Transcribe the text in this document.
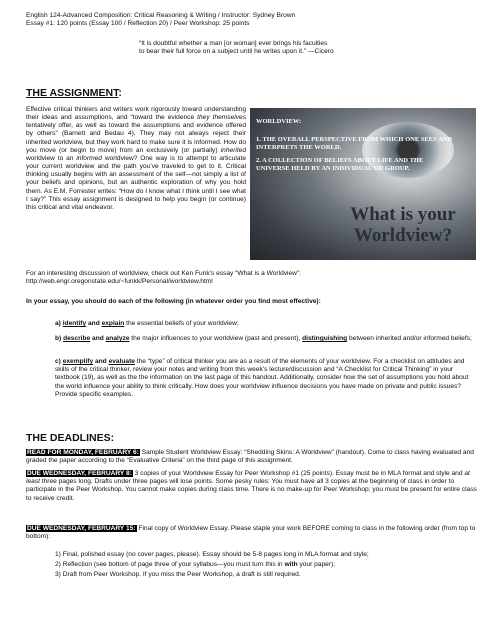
English 124-Advanced Composition: Critical Reasoning & Writing / Instructor: Sydney Brown
Essay #1: 120 points (Essay 100 / Reflection 20) / Peer Workshop: 25 points
“It is doubtful whether a man [or woman] ever brings his faculties
to bear their full force on a subject until he writes upon it.” —Cicero
THE ASSIGNMENT:
Effective critical thinkers and writers work rigorously toward understanding their ideas and assumptions, and “toward the evidence they themselves tentatively offer, as well as toward the assumptions and evidence offered by others” (Barnett and Bedau 4). They may not always reject their inherited worldview, but they work hard to make sure it is informed. How do you move (or begin to move) from an exclusively (or partially) inherited worldview to an informed worldview? One way is to attempt to articulate your current worldview and the path you’ve traveled to get to it. Critical thinking usually begins with an assessment of the self—not simply a list of your beliefs and opinions, but an authentic exploration of why you hold them. As E.M. Forrester writes: “How do I know what I think until I see what I say?” This essay assignment is designed to help you begin (or continue) this critical and vital endeavor.
WORLDVIEW:
1. THE OVERALL PERSPECTIVE FROM WHICH ONE SEES AND INTERPRETS THE WORLD.
2. A COLLECTION OF BELIEFS ABOUT LIFE AND THE UNIVERSE HELD BY AN INDIVIDUAL OR GROUP.
What is your Worldview?
For an interesting discussion of worldview, check out Ken Funk’s essay “What is a Worldview”:
http://web.engr.oregonstate.edu/~funkk/Personal/worldview.html
In your essay, you should do each of the following (in whatever order you find most effective):
a) identify and explain the essential beliefs of your worldview;
b) describe and analyze the major influences to your worldview (past and present), distinguishing between inherited and/or informed beliefs;
c) exemplify and evaluate the “type” of critical thinker you are as a result of the elements of your worldview. For a checklist on attitudes and skills of the critical thinker, review your notes and writing from this week’s lecture/discussion and “A Checklist for Critical Thinking” in your textbook (19), as well as the the information on the last page of this handout. Additionally, consider how the set of assumptions you hold about the world influence your ability to think critically. How does your worldview influence decisions you have made on private and public issues? Provide specific examples.
THE DEADLINES:
READ FOR MONDAY, FEBRUARY 6: Sample Student Worldview Essay: “Shedding Skins: A Worldview” (handout). Come to class having evaluated and graded the paper according to the “Evaluative Criteria” on the third page of this assignment.
DUE WEDNESDAY, FEBRUARY 8: 3 copies of your Worldview Essay for Peer Workshop #1 (25 points). Essay must be in MLA format and style and at least three pages long. Drafts under three pages will lose points. Some pesky rules: You must have all 3 copies at the beginning of class in order to participate in the Peer Workshop. You cannot make copies during class time. There is no make-up for Peer Workshop; you must be present for entire class to receive credit.
DUE WEDNESDAY, FEBRUARY 15: Final copy of Worldview Essay. Please staple your work BEFORE coming to class in the following order (from top to bottom):
1) Final, polished essay (no cover pages, please). Essay should be 5-8 pages long in MLA format and style;
2) Reflection (see bottom of page three of your syllabus—you must turn this in with your paper);
3) Draft from Peer Workshop. If you miss the Peer Workshop, a draft is still required.
